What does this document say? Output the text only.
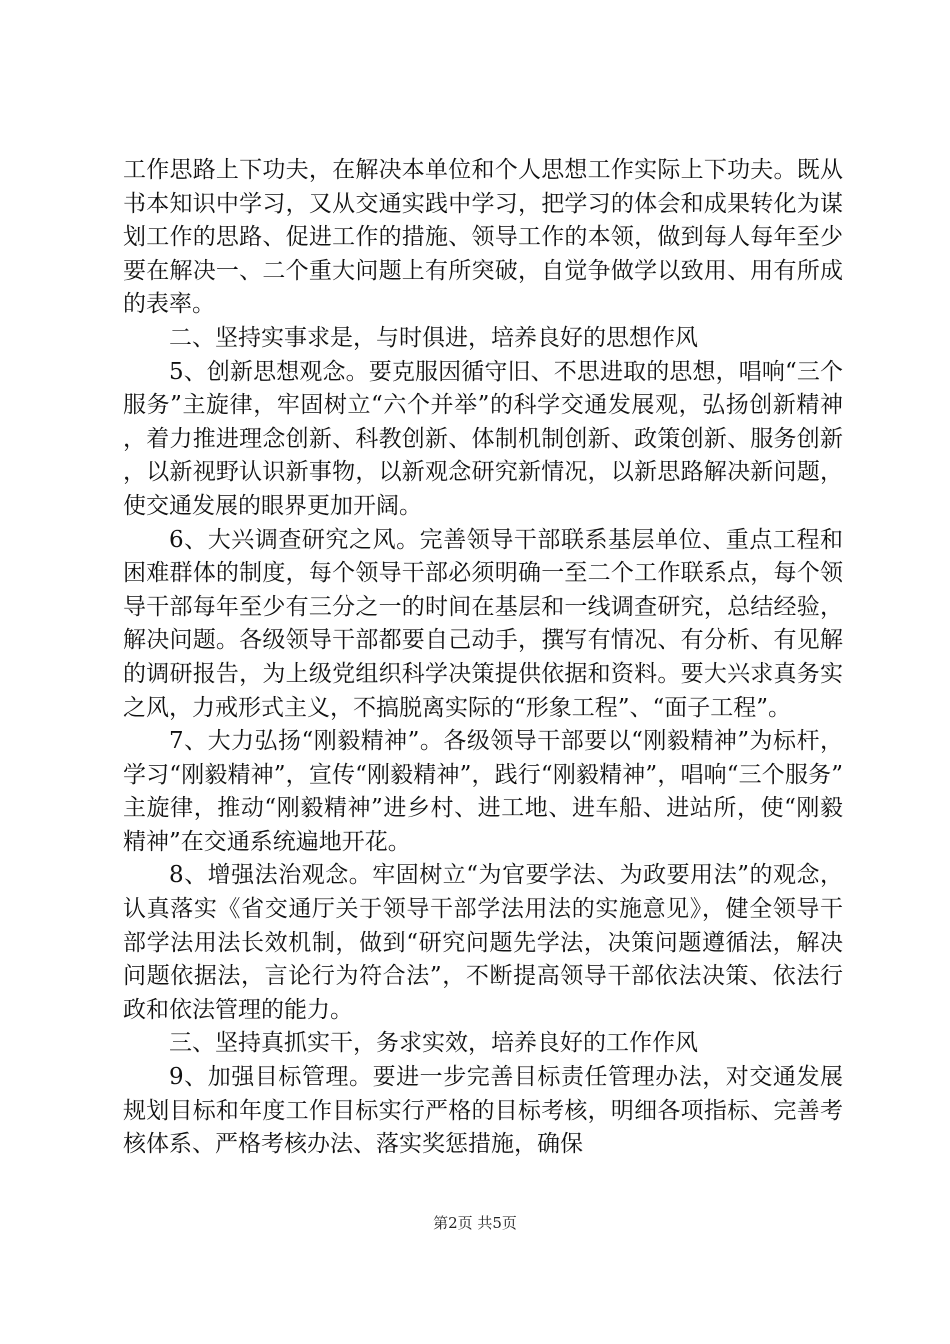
工作思路上下功夫，在解决本单位和个人思想工作实际上下功夫。既从书本知识中学习，又从交通实践中学习，把学习的体会和成果转化为谋划工作的思路、促进工作的措施、领导工作的本领，做到每人每年至少要在解决一、二个重大问题上有所突破，自觉争做学以致用、用有所成的表率。

二、坚持实事求是，与时俱进，培养良好的思想作风

5、创新思想观念。要克服因循守旧、不思进取的思想，唱响“三个服务”主旋律，牢固树立“六个并举”的科学交通发展观，弘扬创新精神，着力推进理念创新、科教创新、体制机制创新、政策创新、服务创新，以新视野认识新事物，以新观念研究新情况，以新思路解决新问题，使交通发展的眼界更加开阔。

6、大兴调查研究之风。完善领导干部联系基层单位、重点工程和困难群体的制度，每个领导干部必须明确一至二个工作联系点，每个领导干部每年至少有三分之一的时间在基层和一线调查研究，总结经验，解决问题。各级领导干部都要自己动手，撰写有情况、有分析、有见解的调研报告，为上级党组织科学决策提供依据和资料。要大兴求真务实之风，力戒形式主义，不搞脱离实际的“形象工程”、“面子工程”。

7、大力弘扬“刚毅精神”。各级领导干部要以“刚毅精神”为标杆，学习“刚毅精神”，宣传“刚毅精神”，践行“刚毅精神”，唱响“三个服务”主旋律，推动“刚毅精神”进乡村、进工地、进车船、进站所，使“刚毅精神”在交通系统遍地开花。

8、增强法治观念。牢固树立“为官要学法、为政要用法”的观念，认真落实《省交通厅关于领导干部学法用法的实施意见》，健全领导干部学法用法长效机制，做到“研究问题先学法，决策问题遵循法，解决问题依据法，言论行为符合法”，不断提高领导干部依法决策、依法行政和依法管理的能力。

三、坚持真抓实干，务求实效，培养良好的工作作风

9、加强目标管理。要进一步完善目标责任管理办法，对交通发展规划目标和年度工作目标实行严格的目标考核，明细各项指标、完善考核体系、严格考核办法、落实奖惩措施，确保

第2页 共5页
